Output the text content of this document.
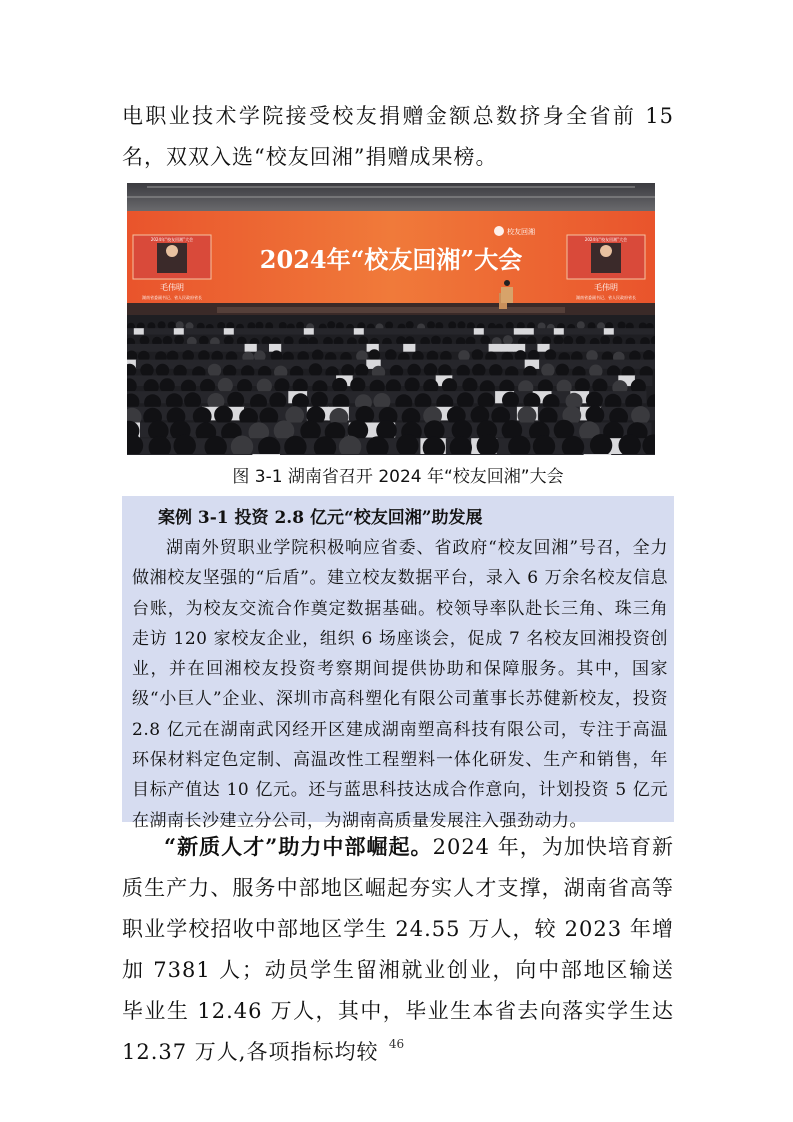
电职业技术学院接受校友捐赠金额总数挤身全省前 15 名，双双入选“校友回湘”捐赠成果榜。

毛伟明
湖南省委副书记、省人民政府省长
2024年“校友回湘”大会
毛伟明
湖南省委副书记、省人民政府省长
2024年“校友回湘”大会
校友回湘
2024年“校友回湘”大会
图 3-1 湖南省召开 2024 年“校友回湘”大会

案例 3-1 投资 2.8 亿元“校友回湘”助发展

湖南外贸职业学院积极响应省委、省政府“校友回湘”号召，全力做湘校友坚强的“后盾”。建立校友数据平台，录入 6 万余名校友信息台账，为校友交流合作奠定数据基础。校领导率队赴长三角、珠三角走访 120 家校友企业，组织 6 场座谈会，促成 7 名校友回湘投资创业，并在回湘校友投资考察期间提供协助和保障服务。其中，国家级“小巨人”企业、深圳市高科塑化有限公司董事长苏健新校友，投资 2.8 亿元在湖南武冈经开区建成湖南塑高科技有限公司，专注于高温环保材料定色定制、高温改性工程塑料一体化研发、生产和销售，年目标产值达 10 亿元。还与蓝思科技达成合作意向，计划投资 5 亿元在湖南长沙建立分公司，为湖南高质量发展注入强劲动力。

“新质人才”助力中部崛起。2024 年，为加快培育新质生产力、服务中部地区崛起夯实人才支撑，湖南省高等职业学校招收中部地区学生 24.55 万人，较 2023 年增加 7381 人；动员学生留湘就业创业，向中部地区输送毕业生 12.46 万人，其中，毕业生本省去向落实学生达 12.37 万人,各项指标均较 46
